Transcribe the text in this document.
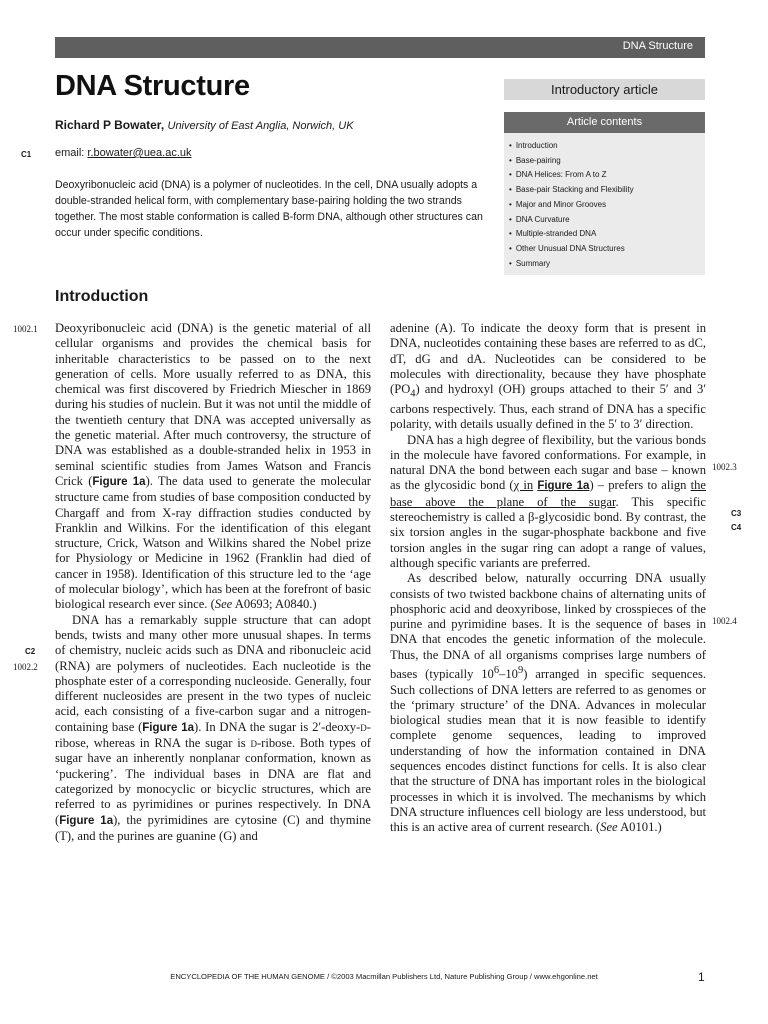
DNA Structure
DNA Structure
Richard P Bowater, University of East Anglia, Norwich, UK
C1 email: r.bowater@uea.ac.uk
Deoxyribonucleic acid (DNA) is a polymer of nucleotides. In the cell, DNA usually adopts a double-stranded helical form, with complementary base-pairing holding the two strands together. The most stable conformation is called B-form DNA, although other structures can occur under specific conditions.
Introductory article
Article contents
• Introduction
• Base-pairing
• DNA Helices: From A to Z
• Base-pair Stacking and Flexibility
• Major and Minor Grooves
• DNA Curvature
• Multiple-stranded DNA
• Other Unusual DNA Structures
• Summary
Introduction
1002.1
C2
1002.2
1002.3
C3
C4
1002.4

Deoxyribonucleic acid (DNA) is the genetic material of all cellular organisms and provides the chemical basis for inheritable characteristics to be passed on to the next generation of cells. More usually referred to as DNA, this chemical was first discovered by Friedrich Miescher in 1869 during his studies of nuclein. But it was not until the middle of the twentieth century that DNA was accepted universally as the genetic material. After much controversy, the structure of DNA was established as a double-stranded helix in 1953 in seminal scientific studies from James Watson and Francis Crick (Figure 1a). The data used to generate the molecular structure came from studies of base composition conducted by Chargaff and from X-ray diffraction studies conducted by Franklin and Wilkins. For the identification of this elegant structure, Crick, Watson and Wilkins shared the Nobel prize for Physiology or Medicine in 1962 (Franklin had died of cancer in 1958). Identification of this structure led to the ‘age of molecular biology’, which has been at the forefront of basic biological research ever since. (See A0693; A0840.)

DNA has a remarkably supple structure that can adopt bends, twists and many other more unusual shapes. In terms of chemistry, nucleic acids such as DNA and ribonucleic acid (RNA) are polymers of nucleotides. Each nucleotide is the phosphate ester of a corresponding nucleoside. Generally, four different nucleosides are present in the two types of nucleic acid, each consisting of a five-carbon sugar and a nitrogen-containing base (Figure 1a). In DNA the sugar is 2′-deoxy-d-ribose, whereas in RNA the sugar is d-ribose. Both types of sugar have an inherently nonplanar conformation, known as ‘puckering’. The individual bases in DNA are flat and categorized by monocyclic or bicyclic structures, which are referred to as pyrimidines or purines respectively. In DNA (Figure 1a), the pyrimidines are cytosine (C) and thymine (T), and the purines are guanine (G) and

adenine (A). To indicate the deoxy form that is present in DNA, nucleotides containing these bases are referred to as dC, dT, dG and dA. Nucleotides can be considered to be molecules with directionality, because they have phosphate $(PO_4)$ and hydroxyl (OH) groups attached to their 5′ and 3′ carbons respectively. Thus, each strand of DNA has a specific polarity, with details usually defined in the 5′ to 3′ direction.

DNA has a high degree of flexibility, but the various bonds in the molecule have favored conformations. For example, in natural DNA the bond between each sugar and base – known as the glycosidic bond (χ in Figure 1a) – prefers to align the base above the plane of the sugar. This specific stereochemistry is called a β-glycosidic bond. By contrast, the six torsion angles in the sugar-phosphate backbone and five torsion angles in the sugar ring can adopt a range of values, although specific variants are preferred.

As described below, naturally occurring DNA usually consists of two twisted backbone chains of alternating units of phosphoric acid and deoxyribose, linked by crosspieces of the purine and pyrimidine bases. It is the sequence of bases in DNA that encodes the genetic information of the molecule. Thus, the DNA of all organisms comprises large numbers of bases (typically $10^6-10^9$) arranged in specific sequences. Such collections of DNA letters are referred to as genomes or the ‘primary structure’ of the DNA. Advances in molecular biological studies mean that it is now feasible to identify complete genome sequences, leading to improved understanding of how the information contained in DNA sequences encodes distinct functions for cells. It is also clear that the structure of DNA has important roles in the biological processes in which it is involved. The mechanisms by which DNA structure influences cell biology are less understood, but this is an active area of current research. (See A0101.)

ENCYCLOPEDIA OF THE HUMAN GENOME / ©2003 Macmillan Publishers Ltd, Nature Publishing Group / www.ehgonline.net	1
